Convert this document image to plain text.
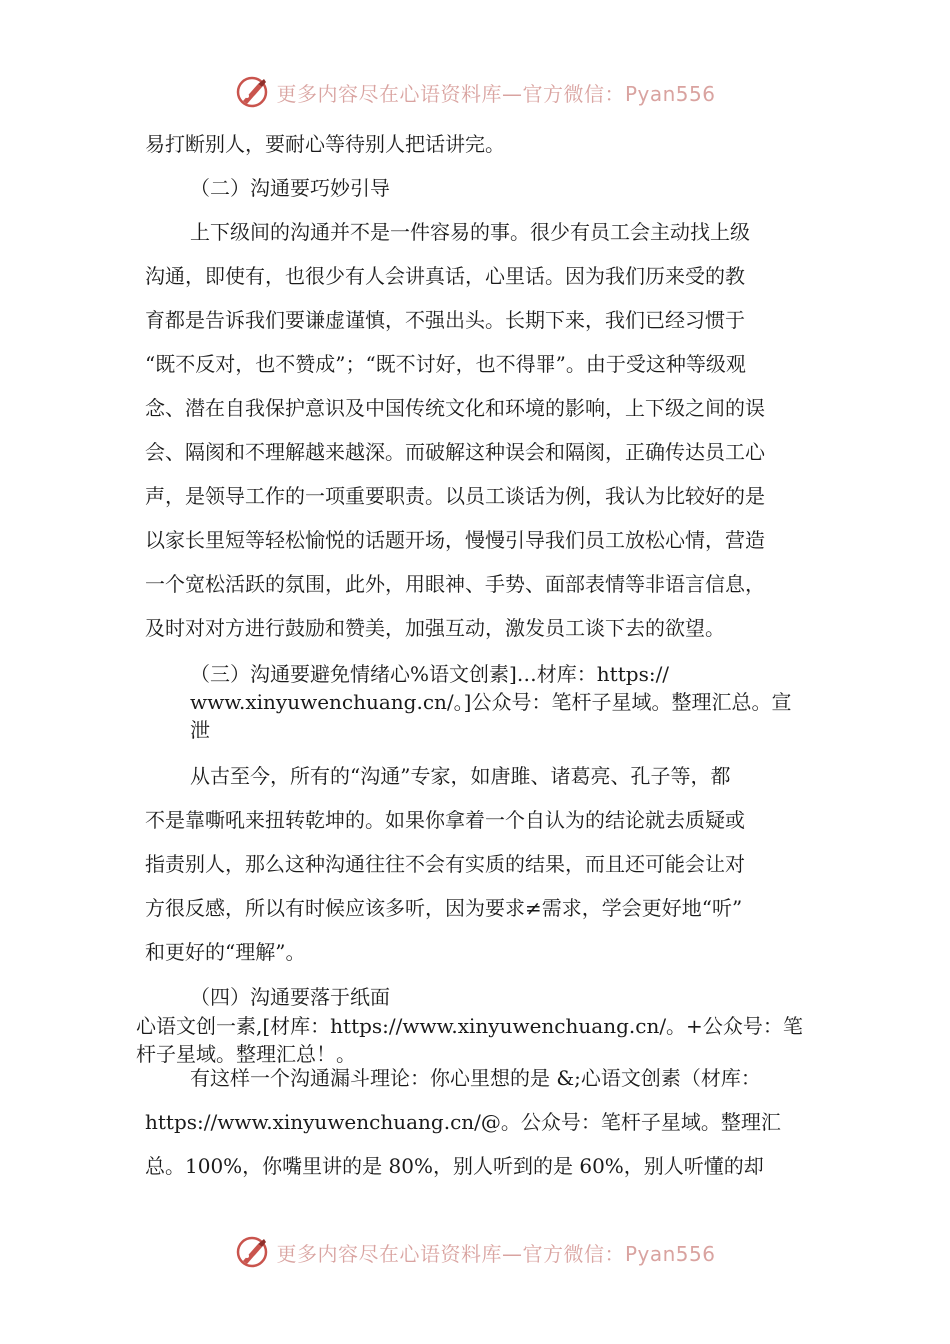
更多内容尽在心语资料库—官方微信：Pyan556
易打断别人，要耐心等待别人把话讲完。
（二）沟通要巧妙引导
上下级间的沟通并不是一件容易的事。很少有员工会主动找上级
沟通，即使有，也很少有人会讲真话，心里话。因为我们历来受的教
育都是告诉我们要谦虚谨慎，不强出头。长期下来，我们已经习惯于
“既不反对，也不赞成”；“既不讨好，也不得罪”。由于受这种等级观
念、潜在自我保护意识及中国传统文化和环境的影响，上下级之间的误
会、隔阂和不理解越来越深。而破解这种误会和隔阂，正确传达员工心
声，是领导工作的一项重要职责。以员工谈话为例，我认为比较好的是
以家长里短等轻松愉悦的话题开场，慢慢引导我们员工放松心情，营造
一个宽松活跃的氛围，此外，用眼神、手势、面部表情等非语言信息，
及时对对方进行鼓励和赞美，加强互动，激发员工谈下去的欲望。
（三）沟通要避免情绪心%语文创素]…材库：https://
www.xinyuwenchuang.cn/。]公众号：笔杆子星域。整理汇总。宣
泄
从古至今，所有的“沟通”专家，如唐雎、诸葛亮、孔子等，都
不是靠嘶吼来扭转乾坤的。如果你拿着一个自认为的结论就去质疑或
指责别人，那么这种沟通往往不会有实质的结果，而且还可能会让对
方很反感，所以有时候应该多听，因为要求≠需求，学会更好地“听”
和更好的“理解”。
（四）沟通要落于纸面
心语文创一素,[材库：https://www.xinyuwenchuang.cn/。+公众号：笔
杆子星域。整理汇总！。
有这样一个沟通漏斗理论：你心里想的是 &;心语文创素（材库：
https://www.xinyuwenchuang.cn/@。公众号：笔杆子星域。整理汇
总。100%，你嘴里讲的是 80%，别人听到的是 60%，别人听懂的却
更多内容尽在心语资料库—官方微信：Pyan556
